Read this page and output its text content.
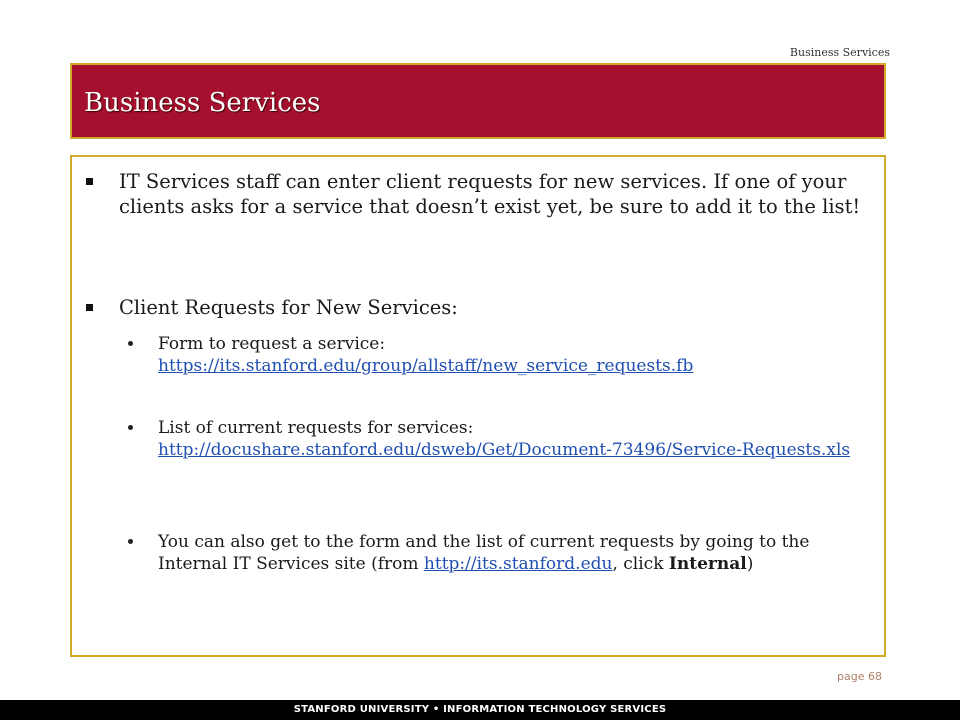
Business Services
Business Services
IT Services staff can enter client requests for new services. If one of your clients asks for a service that doesn’t exist yet, be sure to add it to the list!
Client Requests for New Services:
Form to request a service:
https://its.stanford.edu/group/allstaff/new_service_requests.fb
List of current requests for services:
http://docushare.stanford.edu/dsweb/Get/Document-73496/Service-Requests.xls
You can also get to the form and the list of current requests by going to the Internal IT Services site (from http://its.stanford.edu, click Internal)
page 68
STANFORD UNIVERSITY • INFORMATION TECHNOLOGY SERVICES
